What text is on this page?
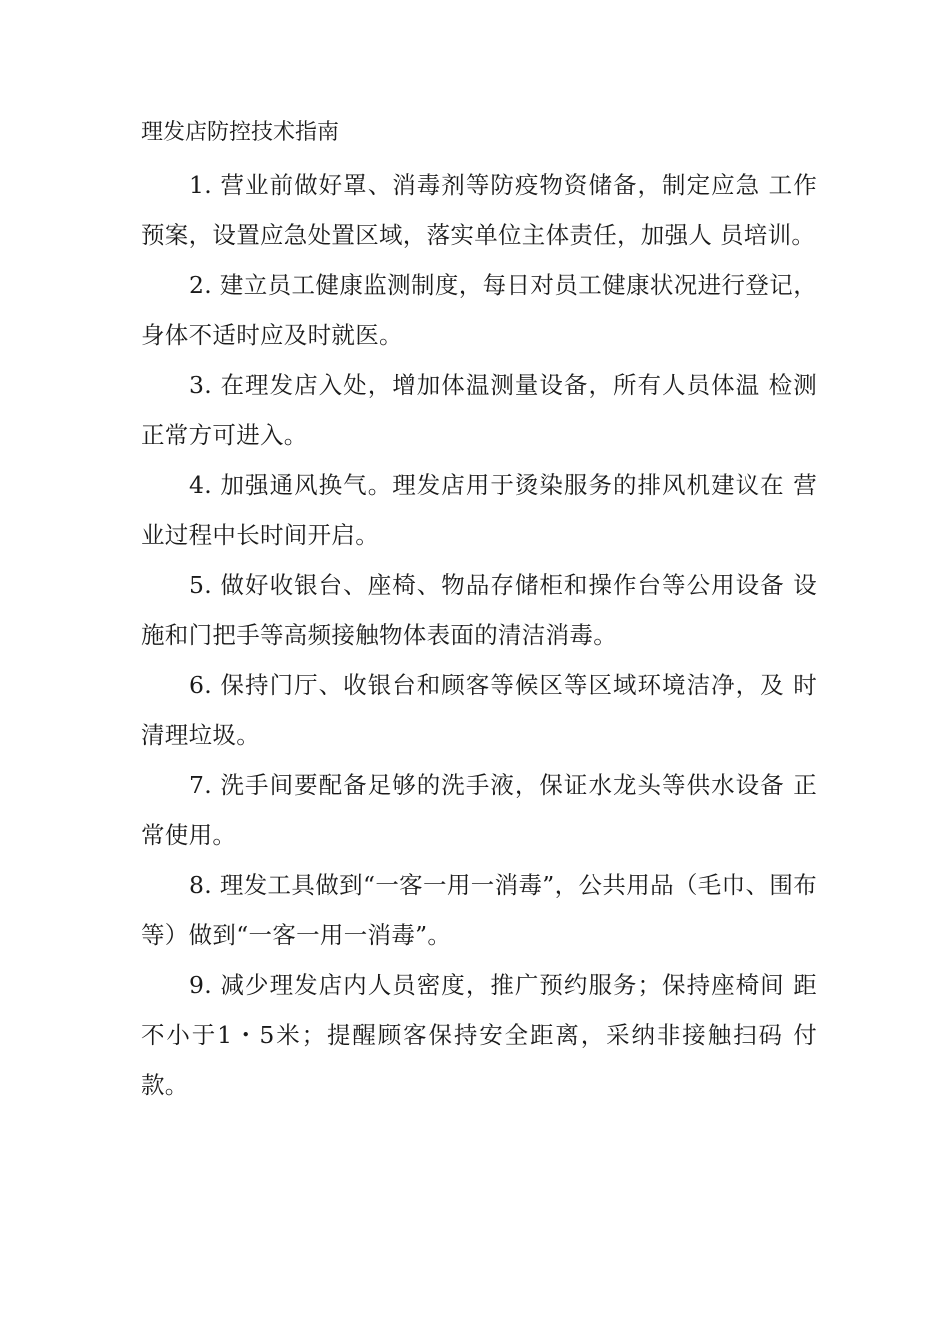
理发店防控技术指南

1. 营业前做好罩、消毒剂等防疫物资储备，制定应急 工作预案，设置应急处置区域，落实单位主体责任，加强人 员培训。

2. 建立员工健康监测制度，每日对员工健康状况进行登记，身体不适时应及时就医。

3. 在理发店入处，增加体温测量设备，所有人员体温 检测正常方可进入。

4. 加强通风换气。理发店用于烫染服务的排风机建议在 营业过程中长时间开启。

5. 做好收银台、座椅、物品存储柜和操作台等公用设备 设施和门把手等高频接触物体表面的清洁消毒。

6. 保持门厅、收银台和顾客等候区等区域环境洁净，及 时清理垃圾。

7. 洗手间要配备足够的洗手液，保证水龙头等供水设备 正常使用。

8. 理发工具做到“一客一用一消毒”，公共用品（毛巾、围布等）做到“一客一用一消毒”。

9. 减少理发店内人员密度，推广预约服务；保持座椅间 距不小于1・5米；提醒顾客保持安全距离，采纳非接触扫码 付款。
